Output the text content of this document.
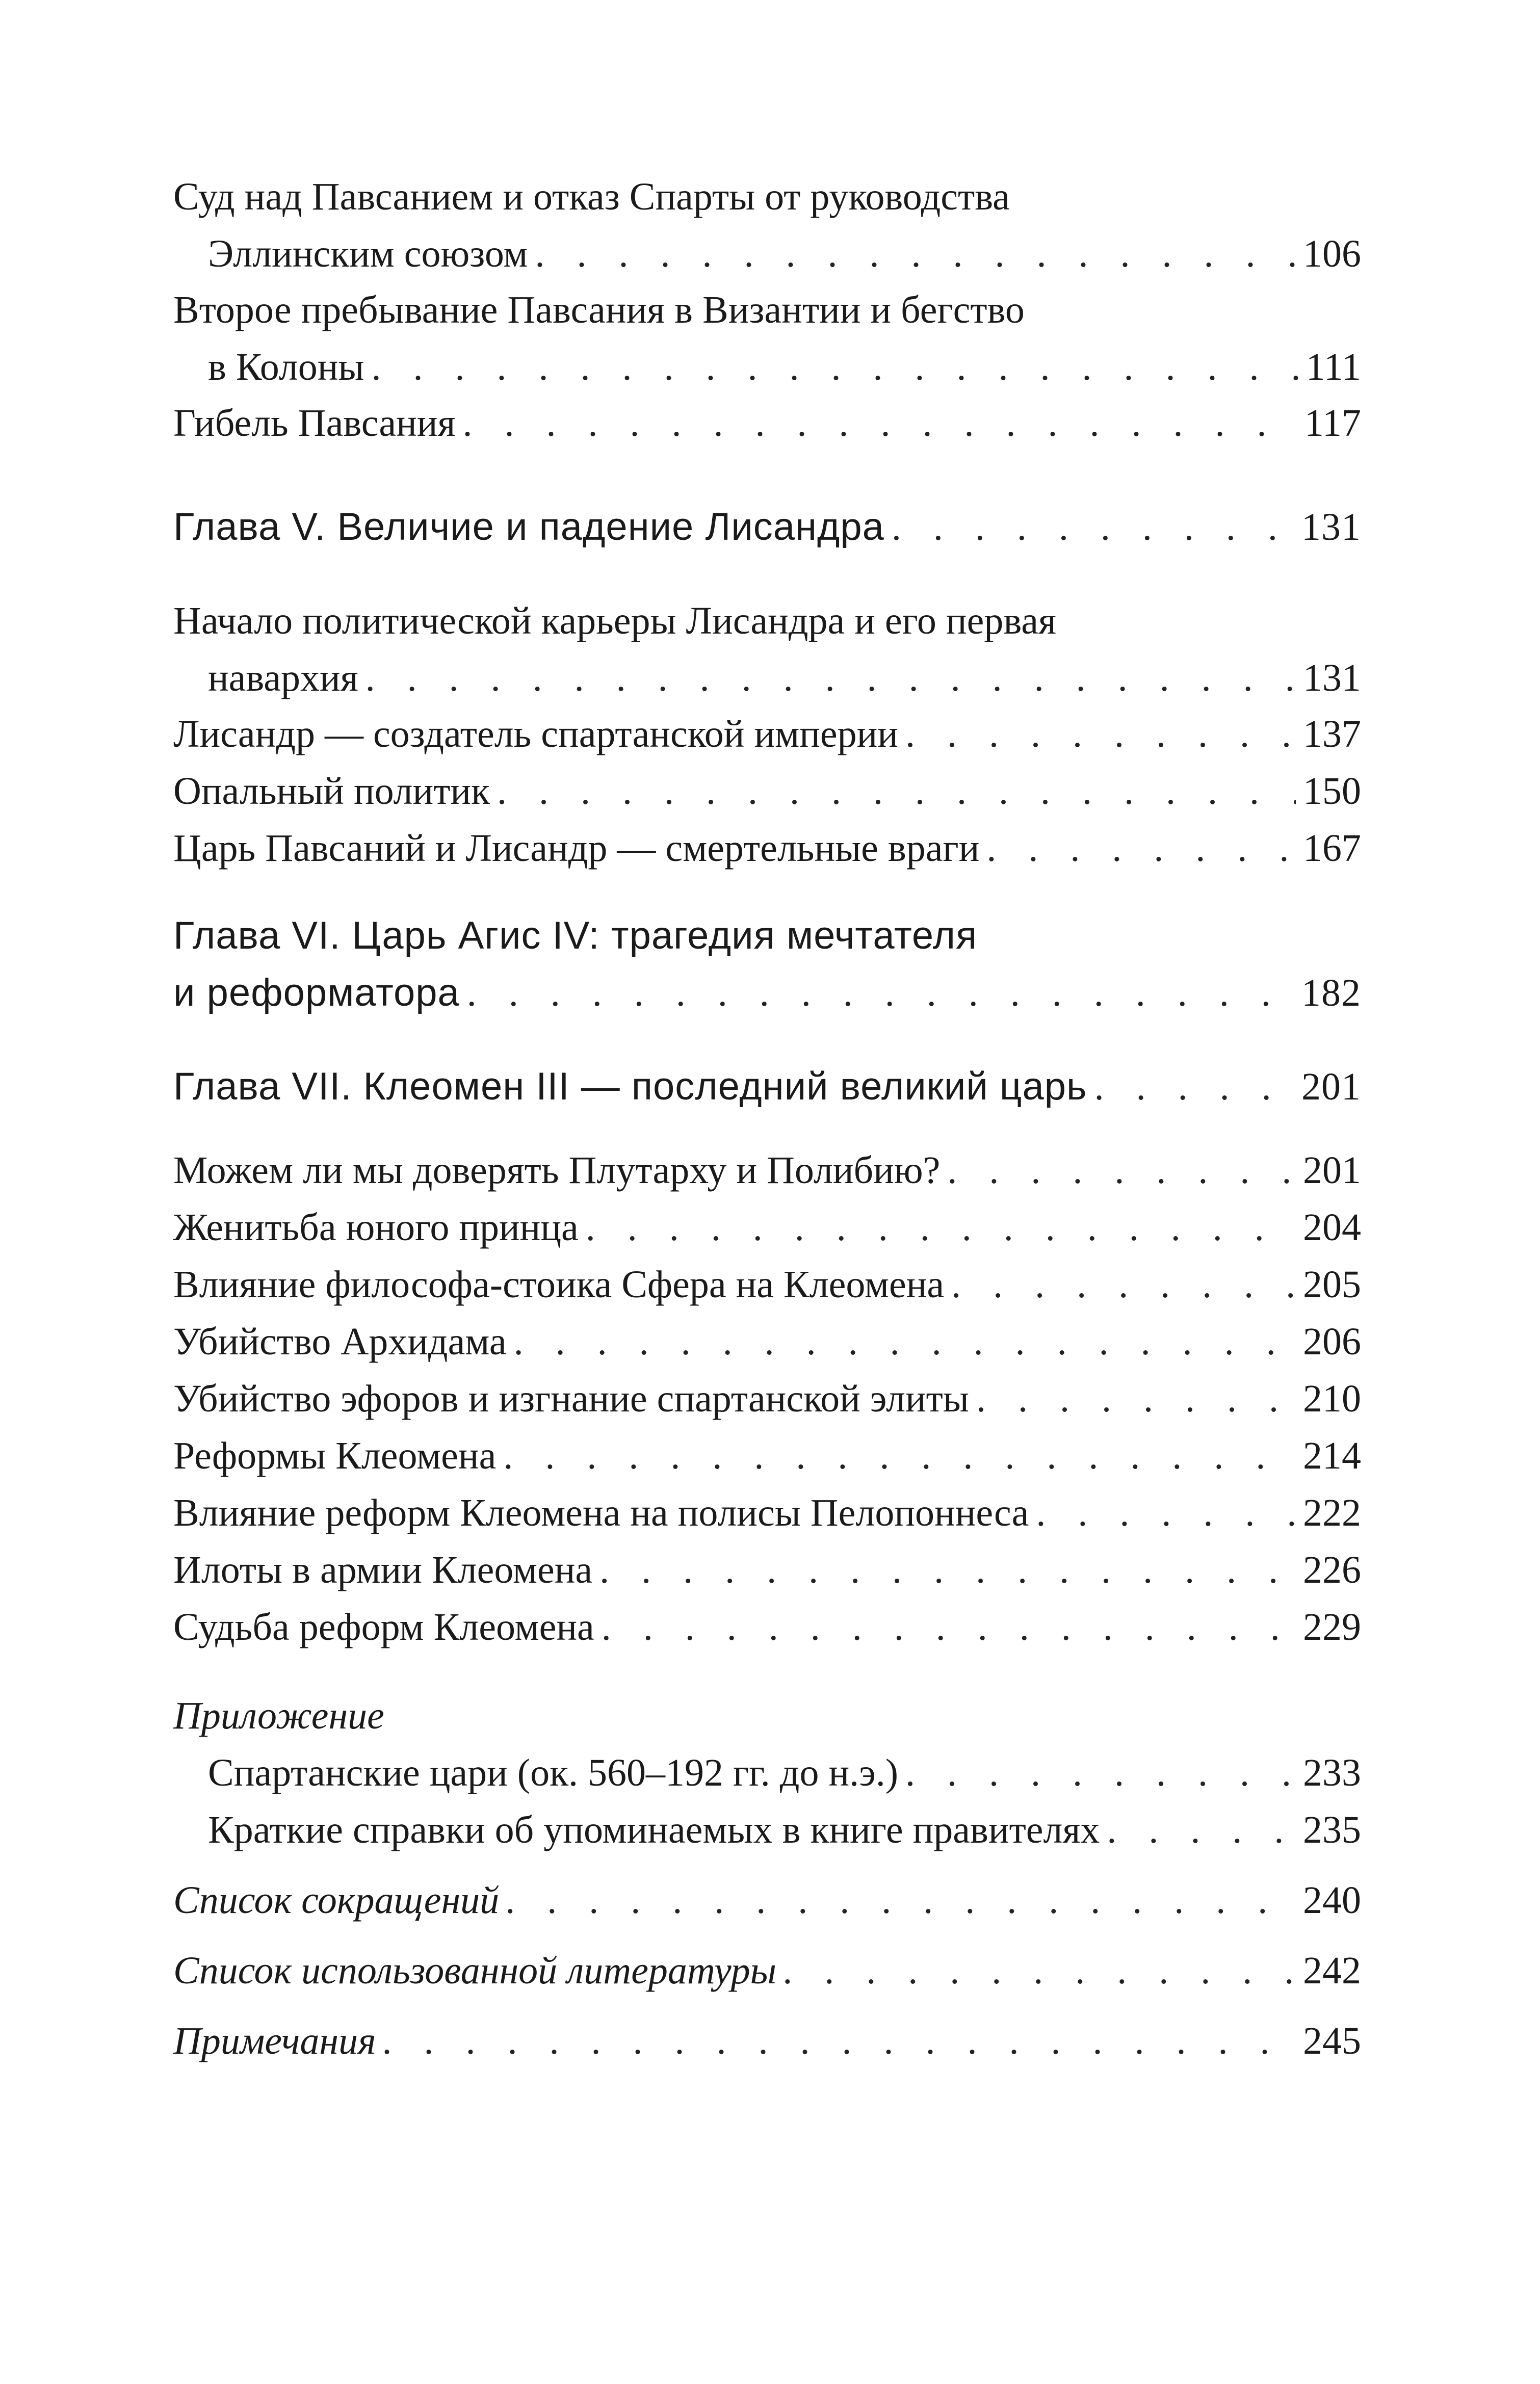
Суд над Павсанием и отказ Спарты от руководства
Эллинским союзом . . .	106
Второе пребывание Павсания в Византии и бегство
в Колоны . . .	111
Гибель Павсания . . .	117
Глава V. Величие и падение Лисандра . . .	131
Начало политической карьеры Лисандра и его первая
навархия . . .	131
Лисандр — создатель спартанской империи . . .	137
Опальный политик . . .	150
Царь Павсаний и Лисандр — смертельные враги . . .	167
Глава VI. Царь Агис IV: трагедия мечтателя
и реформатора . . .	182
Глава VII. Клеомен III — последний великий царь . . .	201
Можем ли мы доверять Плутарху и Полибию? . . .	201
Женитьба юного принца . . .	204
Влияние философа-стоика Сфера на Клеомена . . .	205
Убийство Архидама . . .	206
Убийство эфоров и изгнание спартанской элиты . . .	210
Реформы Клеомена . . .	214
Влияние реформ Клеомена на полисы Пелопоннеса . . .	222
Илоты в армии Клеомена . . .	226
Судьба реформ Клеомена . . .	229
Приложение
Спартанские цари (ок. 560–192 гг. до н.э.) . . .	233
Краткие справки об упоминаемых в книге правителях . . .	235
Список сокращений . . .	240
Список использованной литературы . . .	242
Примечания . . .	245
